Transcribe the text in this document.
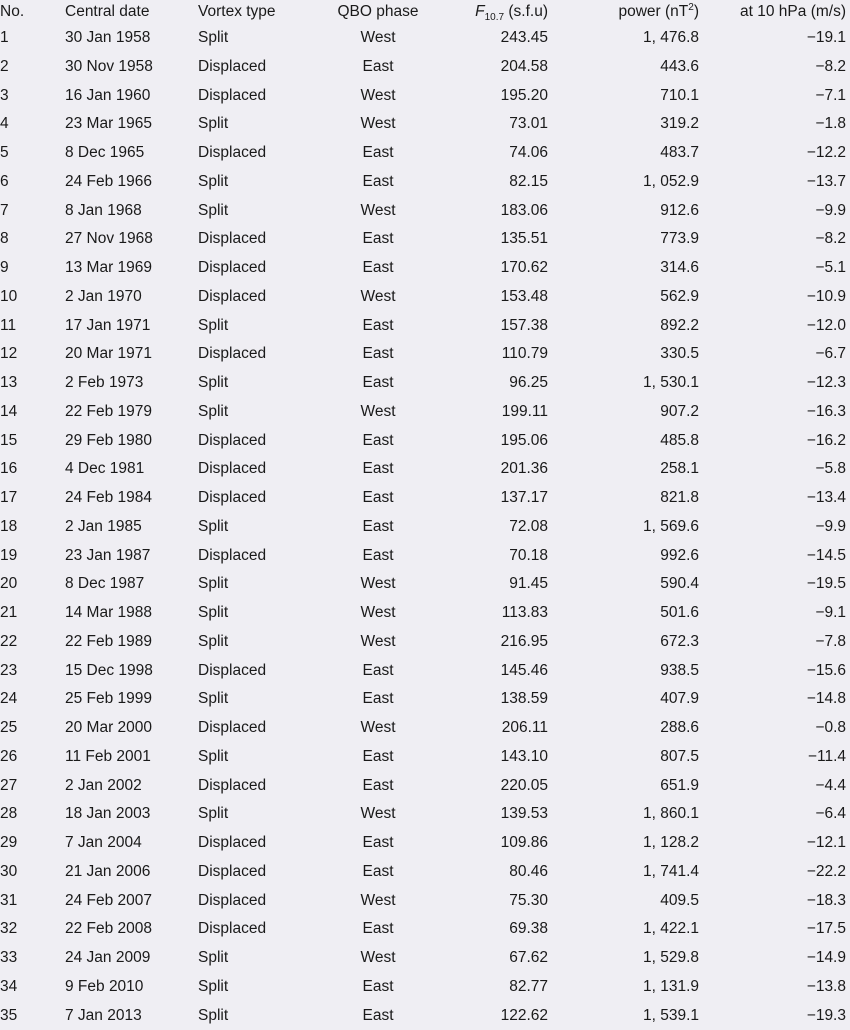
No.	Central date	Vortex type	QBO phase	$F_{10.7}$ (s.f.u)	power $(nT^2)$	at 10 hPa (m/s)
1	30 Jan 1958	Split	West	243.45	1, 476.8	−19.1
2	30 Nov 1958	Displaced	East	204.58	443.6	−8.2
3	16 Jan 1960	Displaced	West	195.20	710.1	−7.1
4	23 Mar 1965	Split	West	73.01	319.2	−1.8
5	8 Dec 1965	Displaced	East	74.06	483.7	−12.2
6	24 Feb 1966	Split	East	82.15	1, 052.9	−13.7
7	8 Jan 1968	Split	West	183.06	912.6	−9.9
8	27 Nov 1968	Displaced	East	135.51	773.9	−8.2
9	13 Mar 1969	Displaced	East	170.62	314.6	−5.1
10	2 Jan 1970	Displaced	West	153.48	562.9	−10.9
11	17 Jan 1971	Split	East	157.38	892.2	−12.0
12	20 Mar 1971	Displaced	East	110.79	330.5	−6.7
13	2 Feb 1973	Split	East	96.25	1, 530.1	−12.3
14	22 Feb 1979	Split	West	199.11	907.2	−16.3
15	29 Feb 1980	Displaced	East	195.06	485.8	−16.2
16	4 Dec 1981	Displaced	East	201.36	258.1	−5.8
17	24 Feb 1984	Displaced	East	137.17	821.8	−13.4
18	2 Jan 1985	Split	East	72.08	1, 569.6	−9.9
19	23 Jan 1987	Displaced	East	70.18	992.6	−14.5
20	8 Dec 1987	Split	West	91.45	590.4	−19.5
21	14 Mar 1988	Split	West	113.83	501.6	−9.1
22	22 Feb 1989	Split	West	216.95	672.3	−7.8
23	15 Dec 1998	Displaced	East	145.46	938.5	−15.6
24	25 Feb 1999	Split	East	138.59	407.9	−14.8
25	20 Mar 2000	Displaced	West	206.11	288.6	−0.8
26	11 Feb 2001	Split	East	143.10	807.5	−11.4
27	2 Jan 2002	Displaced	East	220.05	651.9	−4.4
28	18 Jan 2003	Split	West	139.53	1, 860.1	−6.4
29	7 Jan 2004	Displaced	East	109.86	1, 128.2	−12.1
30	21 Jan 2006	Displaced	East	80.46	1, 741.4	−22.2
31	24 Feb 2007	Displaced	West	75.30	409.5	−18.3
32	22 Feb 2008	Displaced	East	69.38	1, 422.1	−17.5
33	24 Jan 2009	Split	West	67.62	1, 529.8	−14.9
34	9 Feb 2010	Split	East	82.77	1, 131.9	−13.8
35	7 Jan 2013	Split	East	122.62	1, 539.1	−19.3
